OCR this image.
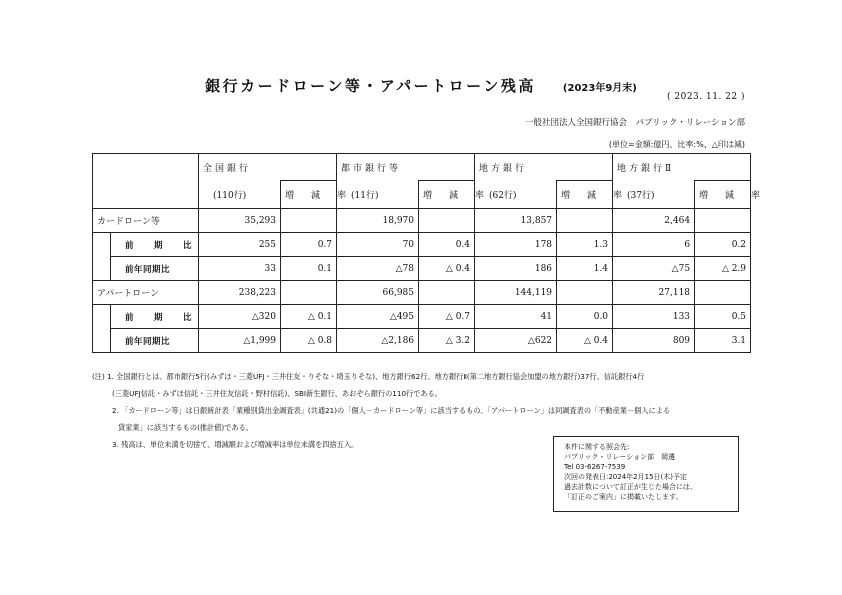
銀行カードローン等・アパートローン残高	(2023年9月末)
( 2023. 11. 22 )
一般社団法人全国銀行協会　パブリック・リレーション部
(単位=金額:億円、比率:%、△印は減)
		全国銀行		都市銀行等		地方銀行		地方銀行Ⅱ	
		(110行)	増　減　率	(11行)	増　減　率	(62行)	増　減　率	(37行)	増　減　率
カードローン等		35,293		18,970		13,857		2,464	
	前　期　比	255	0.7	70	0.4	178	1.3	6	0.2
	前年同期比	33	0.1	△78	△ 0.4	186	1.4	△75	△ 2.9
アパートローン		238,223		66,985		144,119		27,118	
	前　期　比	△320	△ 0.1	△495	△ 0.7	41	0.0	133	0.5
	前年同期比	△1,999	△ 0.8	△2,186	△ 3.2	△622	△ 0.4	809	3.1

(注) 1. 全国銀行とは、都市銀行5行(みずほ・三菱UFJ・三井住友・りそな・埼玉りそな)、地方銀行62行、地方銀行Ⅱ(第二地方銀行協会加盟の地方銀行)37行、信託銀行4行

(三菱UFJ信託・みずほ信託・三井住友信託・野村信託)、SBI新生銀行、あおぞら銀行の110行である。

2. 「カードローン等」は日銀統計表「業種別貸出金調査表」(共通21)の「個人－カードローン等」に該当するもの、「アパートローン」は同調査表の「不動産業－個人による

貸家業」に該当するもの(推計値)である。

3. 残高は、単位未満を切捨て、増減額および増減率は単位未満を四捨五入。	本件に関する照会先:

パブリック・リレーション部　岡邊

Tel 03-6267-7539

次回の発表日:2024年2月15日(木)予定

過去計数について訂正が生じた場合には、

「訂正のご案内」に掲載いたします。
